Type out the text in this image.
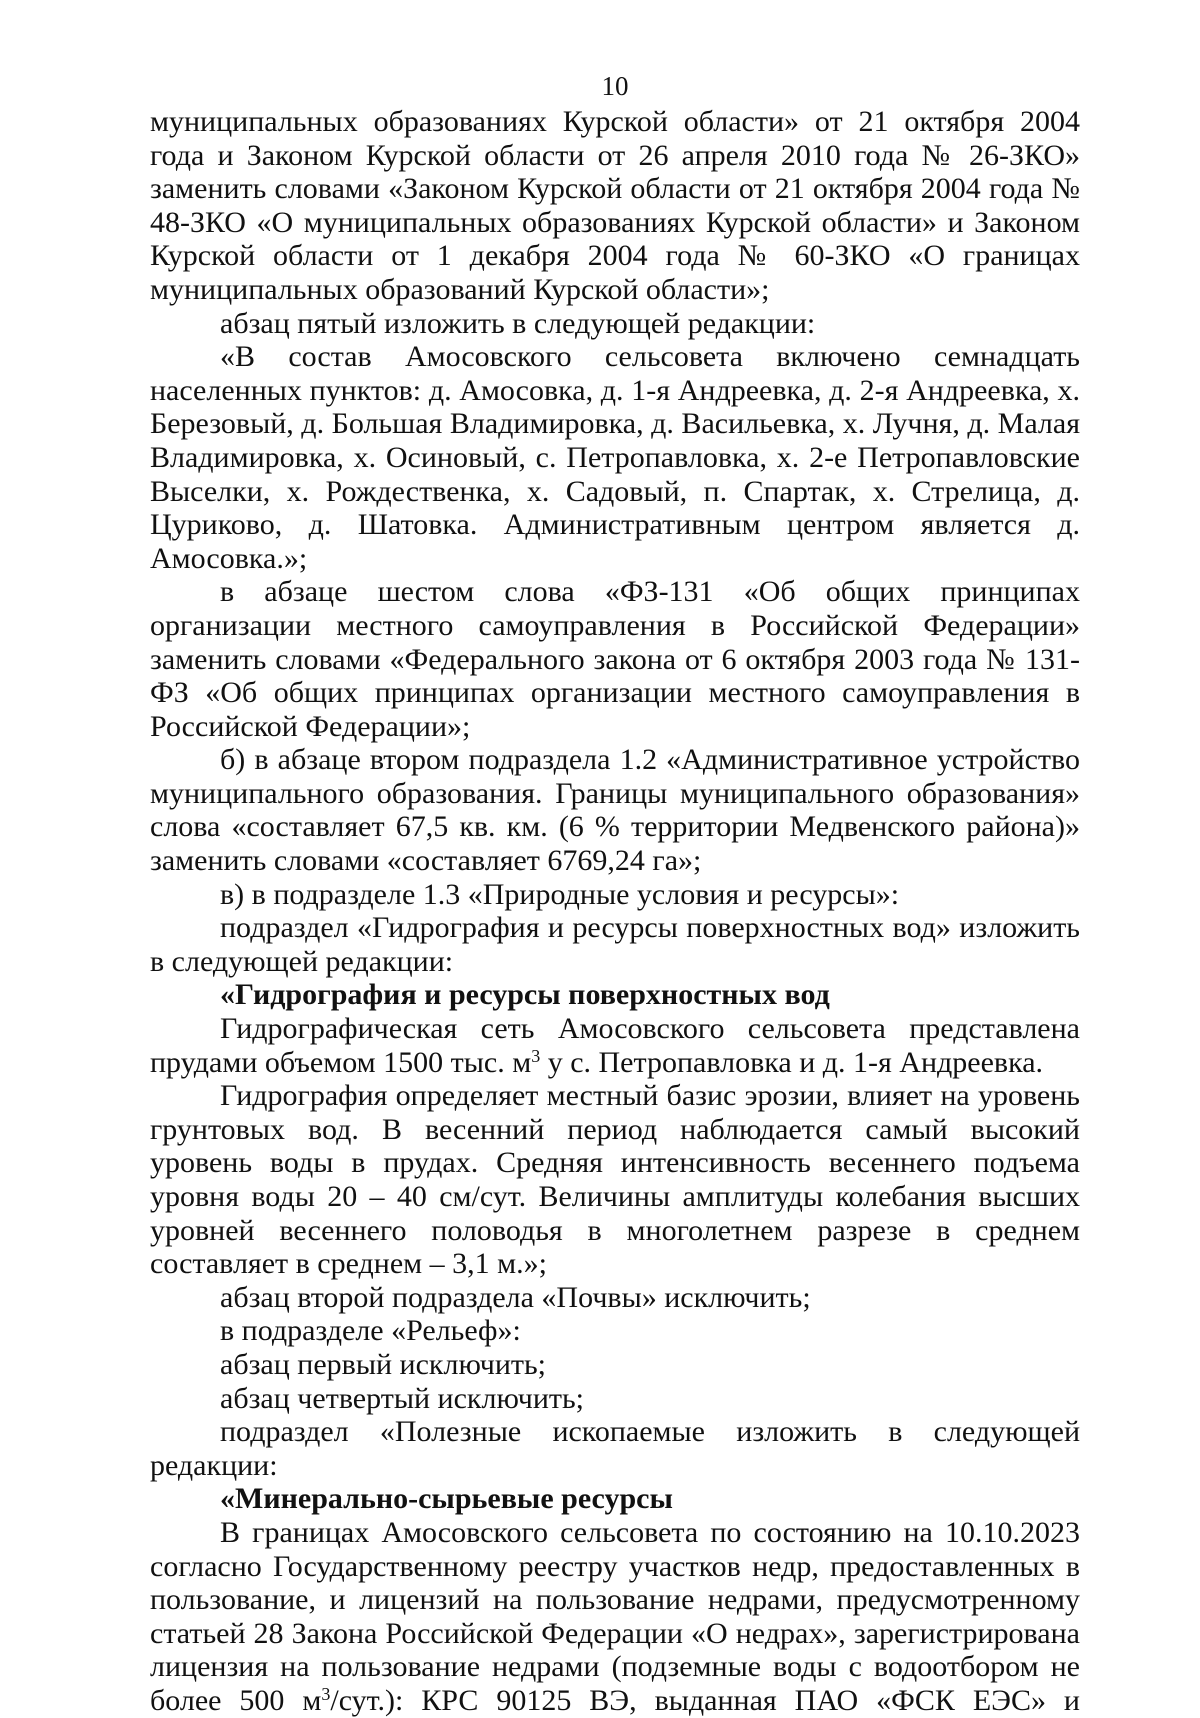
10

муниципальных образованиях Курской области» от 21 октября 2004 года и Законом Курской области от 26 апреля 2010 года № 26-ЗКО» заменить словами «Законом Курской области от 21 октября 2004 года № 48-ЗКО «О муниципальных образованиях Курской области» и Законом Курской области от 1 декабря 2004 года № 60-ЗКО «О границах муниципальных образований Курской области»;

абзац пятый изложить в следующей редакции:

«В состав Амосовского сельсовета включено семнадцать населенных пунктов: д. Амосовка, д. 1-я Андреевка, д. 2-я Андреевка, х. Березовый, д. Большая Владимировка, д. Васильевка, х. Лучня, д. Малая Владимировка, х. Осиновый, с. Петропавловка, х. 2-е Петропавловские Выселки, х. Рождественка, х. Садовый, п. Спартак, х. Стрелица, д. Цуриково, д. Шатовка. Административным центром является д. Амосовка.»;

в абзаце шестом слова «ФЗ-131 «Об общих принципах организации местного самоуправления в Российской Федерации» заменить словами «Федерального закона от 6 октября 2003 года № 131-ФЗ «Об общих принципах организации местного самоуправления в Российской Федерации»;

б) в абзаце втором подраздела 1.2 «Административное устройство муниципального образования. Границы муниципального образования» слова «составляет 67,5 кв. км. (6 % территории Медвенского района)» заменить словами «составляет 6769,24 га»;

в) в подразделе 1.3 «Природные условия и ресурсы»:

подраздел «Гидрография и ресурсы поверхностных вод» изложить в следующей редакции:

«Гидрография и ресурсы поверхностных вод

Гидрографическая сеть Амосовского сельсовета представлена прудами объемом 1500 тыс. $м^3$ у с. Петропавловка и д. 1-я Андреевка.

Гидрография определяет местный базис эрозии, влияет на уровень грунтовых вод. В весенний период наблюдается самый высокий уровень воды в прудах. Средняя интенсивность весеннего подъема уровня воды 20 – 40 см/сут. Величины амплитуды колебания высших уровней весеннего половодья в многолетнем разрезе в среднем составляет в среднем – 3,1 м.»;

абзац второй подраздела «Почвы» исключить;

в подразделе «Рельеф»:

абзац первый исключить;

абзац четвертый исключить;

подраздел «Полезные ископаемые изложить в следующей редакции:

«Минерально-сырьевые ресурсы

В границах Амосовского сельсовета по состоянию на 10.10.2023 согласно Государственному реестру участков недр, предоставленных в пользование, и лицензий на пользование недрами, предусмотренному статьей 28 Закона Российской Федерации «О недрах», зарегистрирована лицензия на пользование недрами (подземные воды с водоотбором не более 500 $м^3/сут$.): КРС 90125 ВЭ, выданная ПАО «ФСК ЕЭС» и
